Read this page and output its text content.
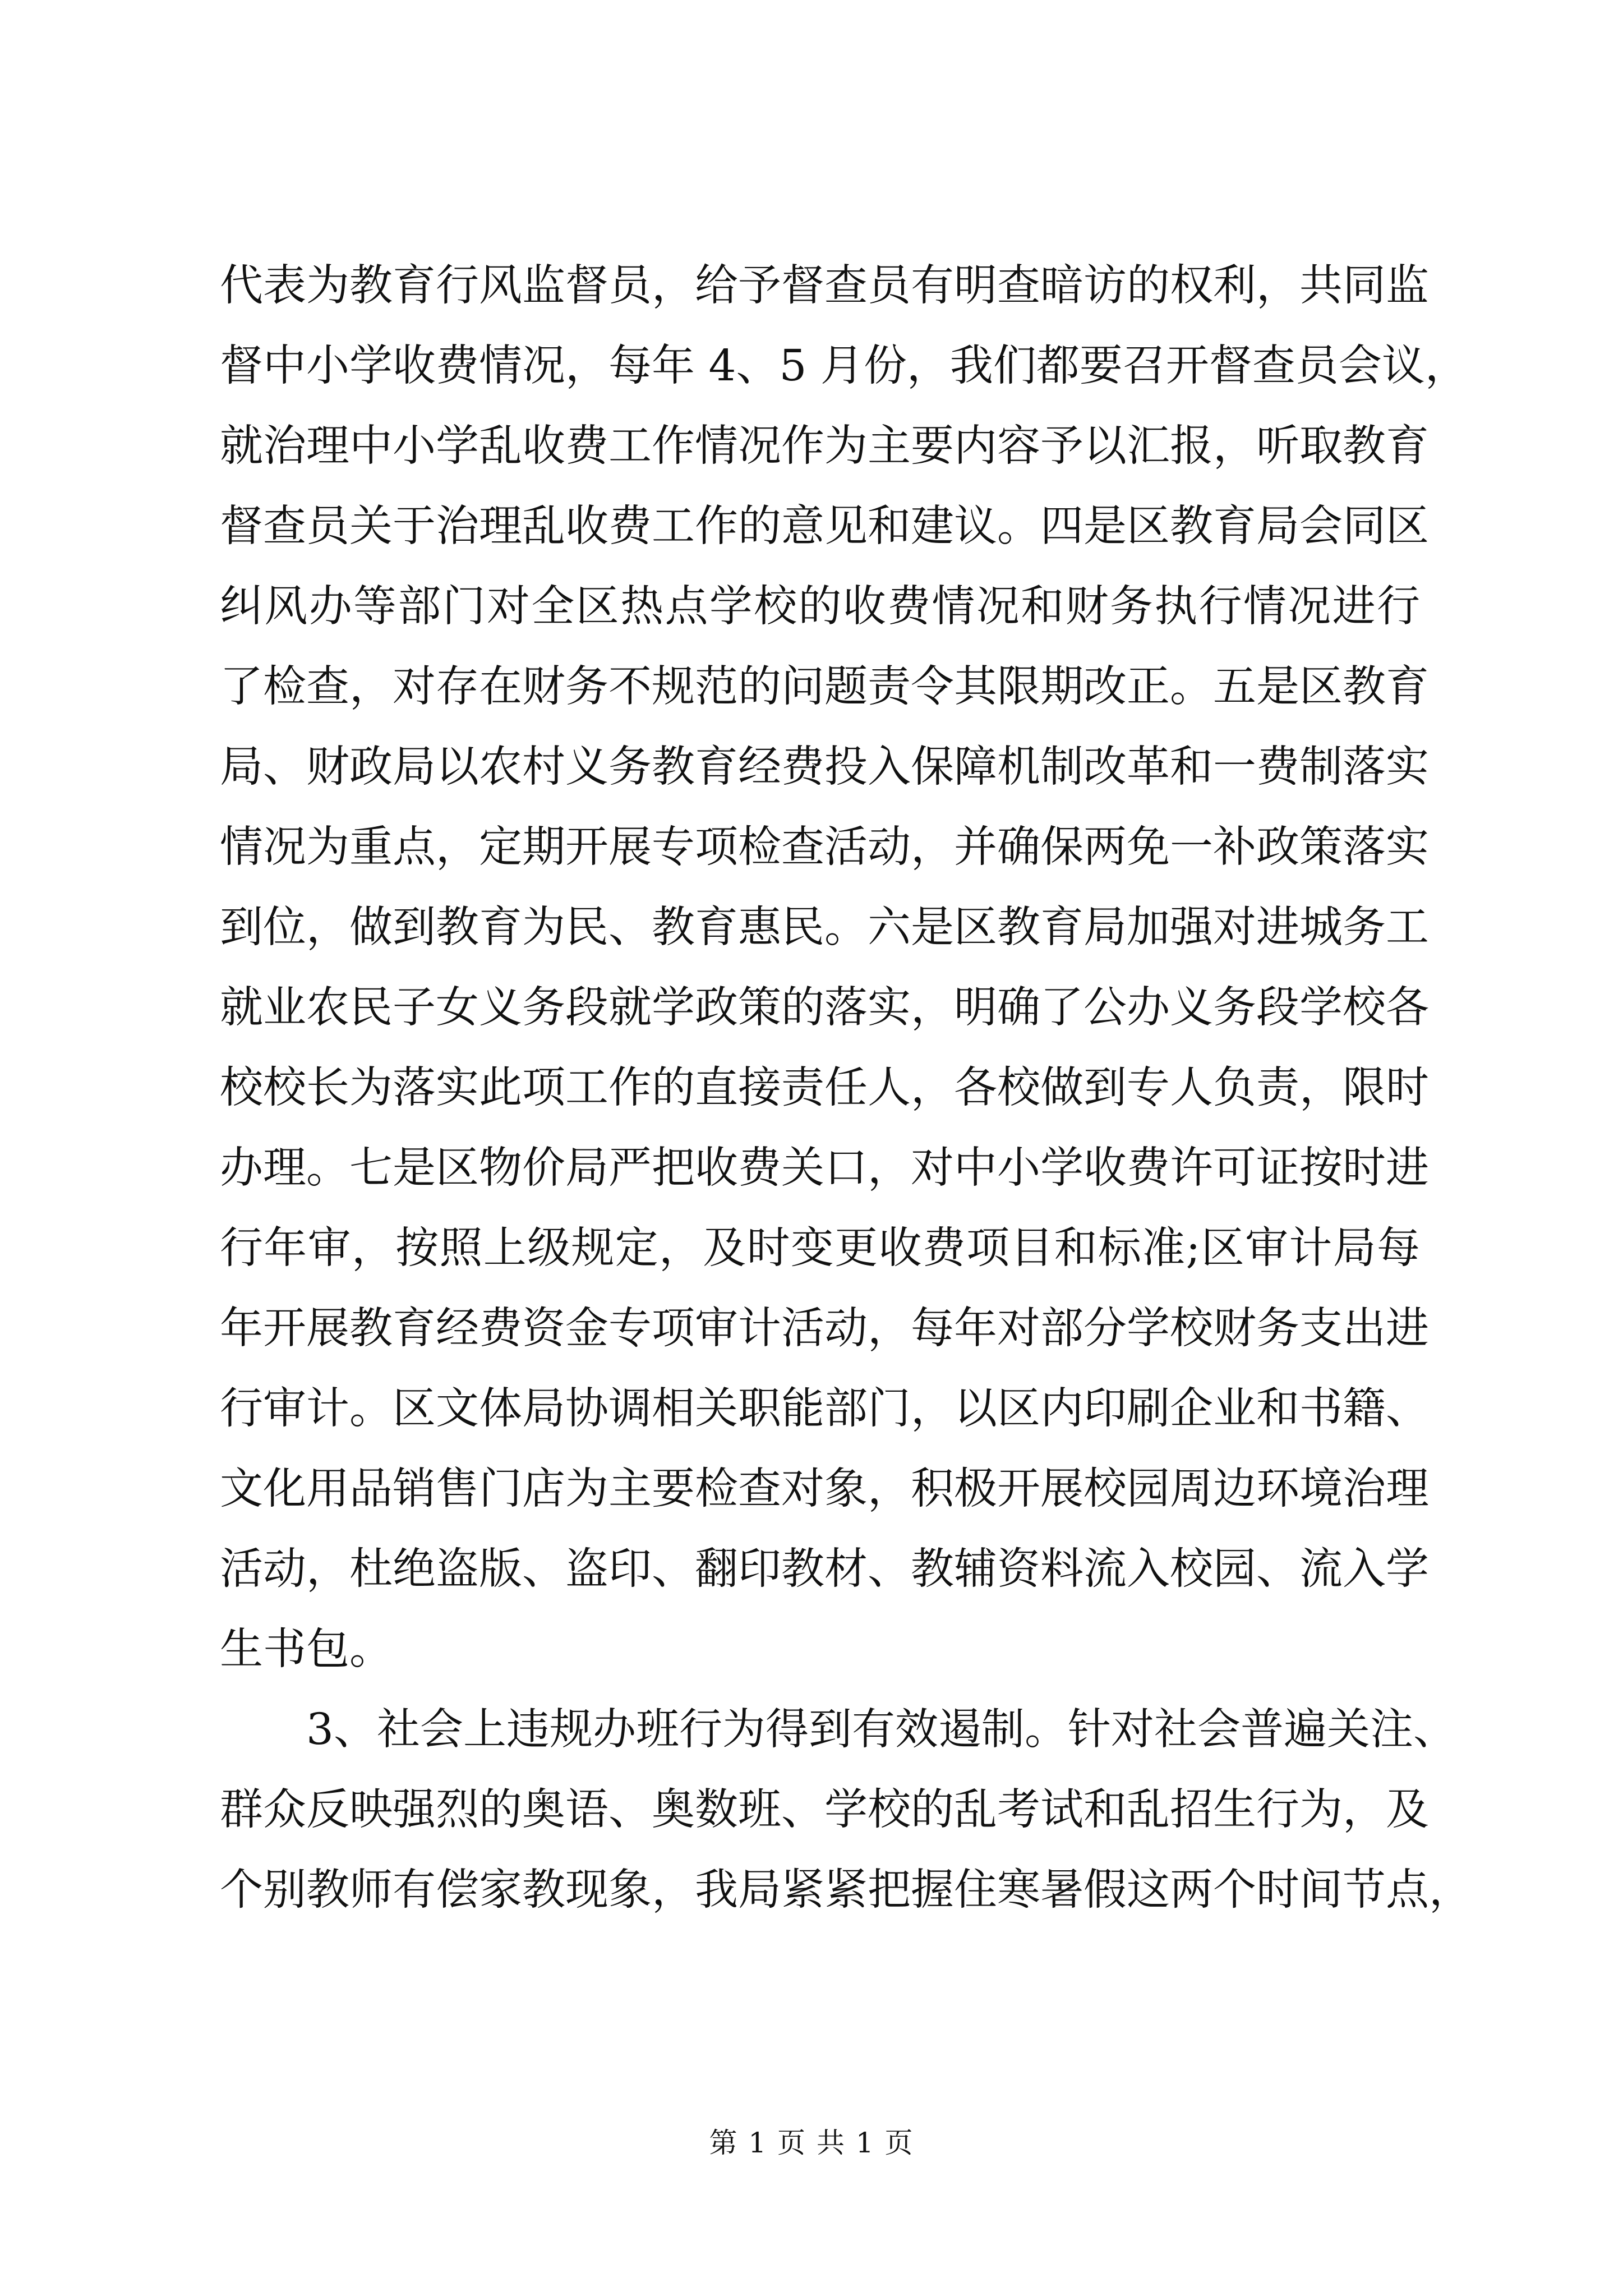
代表为教育行风监督员，给予督查员有明查暗访的权利，共同监
督中小学收费情况，每年 4、5 月份，我们都要召开督查员会议，
就治理中小学乱收费工作情况作为主要内容予以汇报，听取教育
督查员关于治理乱收费工作的意见和建议。四是区教育局会同区
纠风办等部门对全区热点学校的收费情况和财务执行情况进行
了检查，对存在财务不规范的问题责令其限期改正。五是区教育
局、财政局以农村义务教育经费投入保障机制改革和一费制落实
情况为重点，定期开展专项检查活动，并确保两免一补政策落实
到位，做到教育为民、教育惠民。六是区教育局加强对进城务工
就业农民子女义务段就学政策的落实，明确了公办义务段学校各
校校长为落实此项工作的直接责任人，各校做到专人负责，限时
办理。七是区物价局严把收费关口，对中小学收费许可证按时进
行年审，按照上级规定，及时变更收费项目和标准;区审计局每
年开展教育经费资金专项审计活动，每年对部分学校财务支出进
行审计。区文体局协调相关职能部门，以区内印刷企业和书籍、
文化用品销售门店为主要检查对象，积极开展校园周边环境治理
活动，杜绝盗版、盗印、翻印教材、教辅资料流入校园、流入学
生书包。
3、社会上违规办班行为得到有效遏制。针对社会普遍关注、
群众反映强烈的奥语、奥数班、学校的乱考试和乱招生行为，及
个别教师有偿家教现象，我局紧紧把握住寒暑假这两个时间节点，
第 1 页 共 1 页
